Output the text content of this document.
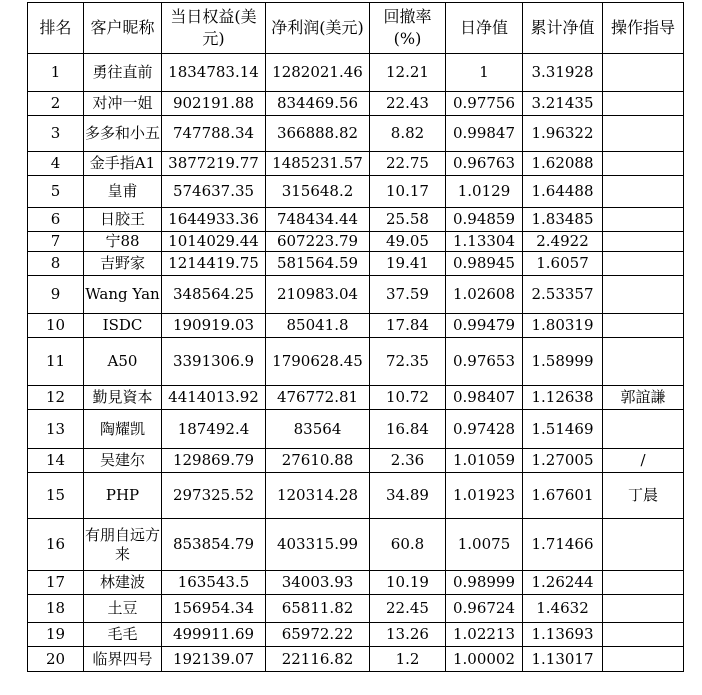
排名	客户昵称	当日权益(美元)	净利润(美元)	回撤率(%)	日净值	累计净值	操作指导
1	勇往直前	1834783.14	1282021.46	12.21	1	3.31928	
2	对冲一姐	902191.88	834469.56	22.43	0.97756	3.21435	
3	多多和小五	747788.34	366888.82	8.82	0.99847	1.96322	
4	金手指A1	3877219.77	1485231.57	22.75	0.96763	1.62088	
5	皇甫	574637.35	315648.2	10.17	1.0129	1.64488	
6	日胶王	1644933.36	748434.44	25.58	0.94859	1.83485	
7	宁88	1014029.44	607223.79	49.05	1.13304	2.4922	
8	吉野家	1214419.75	581564.59	19.41	0.98945	1.6057	
9	Wang Yan	348564.25	210983.04	37.59	1.02608	2.53357	
10	ISDC	190919.03	85041.8	17.84	0.99479	1.80319	
11	A50	3391306.9	1790628.45	72.35	0.97653	1.58999	
12	勤見資本	4414013.92	476772.81	10.72	0.98407	1.12638	郭誼謙
13	陶耀凯	187492.4	83564	16.84	0.97428	1.51469	
14	吴建尔	129869.79	27610.88	2.36	1.01059	1.27005	/
15	PHP	297325.52	120314.28	34.89	1.01923	1.67601	丁晨
16	有朋自远方来	853854.79	403315.99	60.8	1.0075	1.71466	
17	林建波	163543.5	34003.93	10.19	0.98999	1.26244	
18	土豆	156954.34	65811.82	22.45	0.96724	1.4632	
19	毛毛	499911.69	65972.22	13.26	1.02213	1.13693	
20	临界四号	192139.07	22116.82	1.2	1.00002	1.13017	
